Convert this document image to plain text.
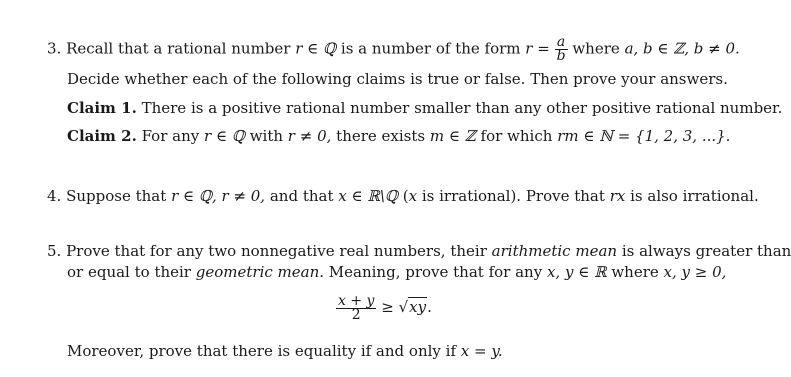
3. Recall that a rational number r ∈ ℚ is a number of the form $r = \frac{a}{b}$ where a, b ∈ ℤ, b ≠ 0.
Decide whether each of the following claims is true or false. Then prove your answers.
Claim 1. There is a positive rational number smaller than any other positive rational number.
Claim 2. For any r ∈ ℚ with r ≠ 0, there exists m ∈ ℤ for which rm ∈ ℕ = {1, 2, 3, ...}.
4. Suppose that r ∈ ℚ, r ≠ 0, and that x ∈ ℝ\ℚ (x is irrational). Prove that rx is also irrational.
5. Prove that for any two nonnegative real numbers, their arithmetic mean is always greater than
or equal to their geometric mean. Meaning, prove that for any x, y ∈ ℝ where x, y ≥ 0,
$\frac{x + y}{2} \ge √xy$.
Moreover, prove that there is equality if and only if x = y.
